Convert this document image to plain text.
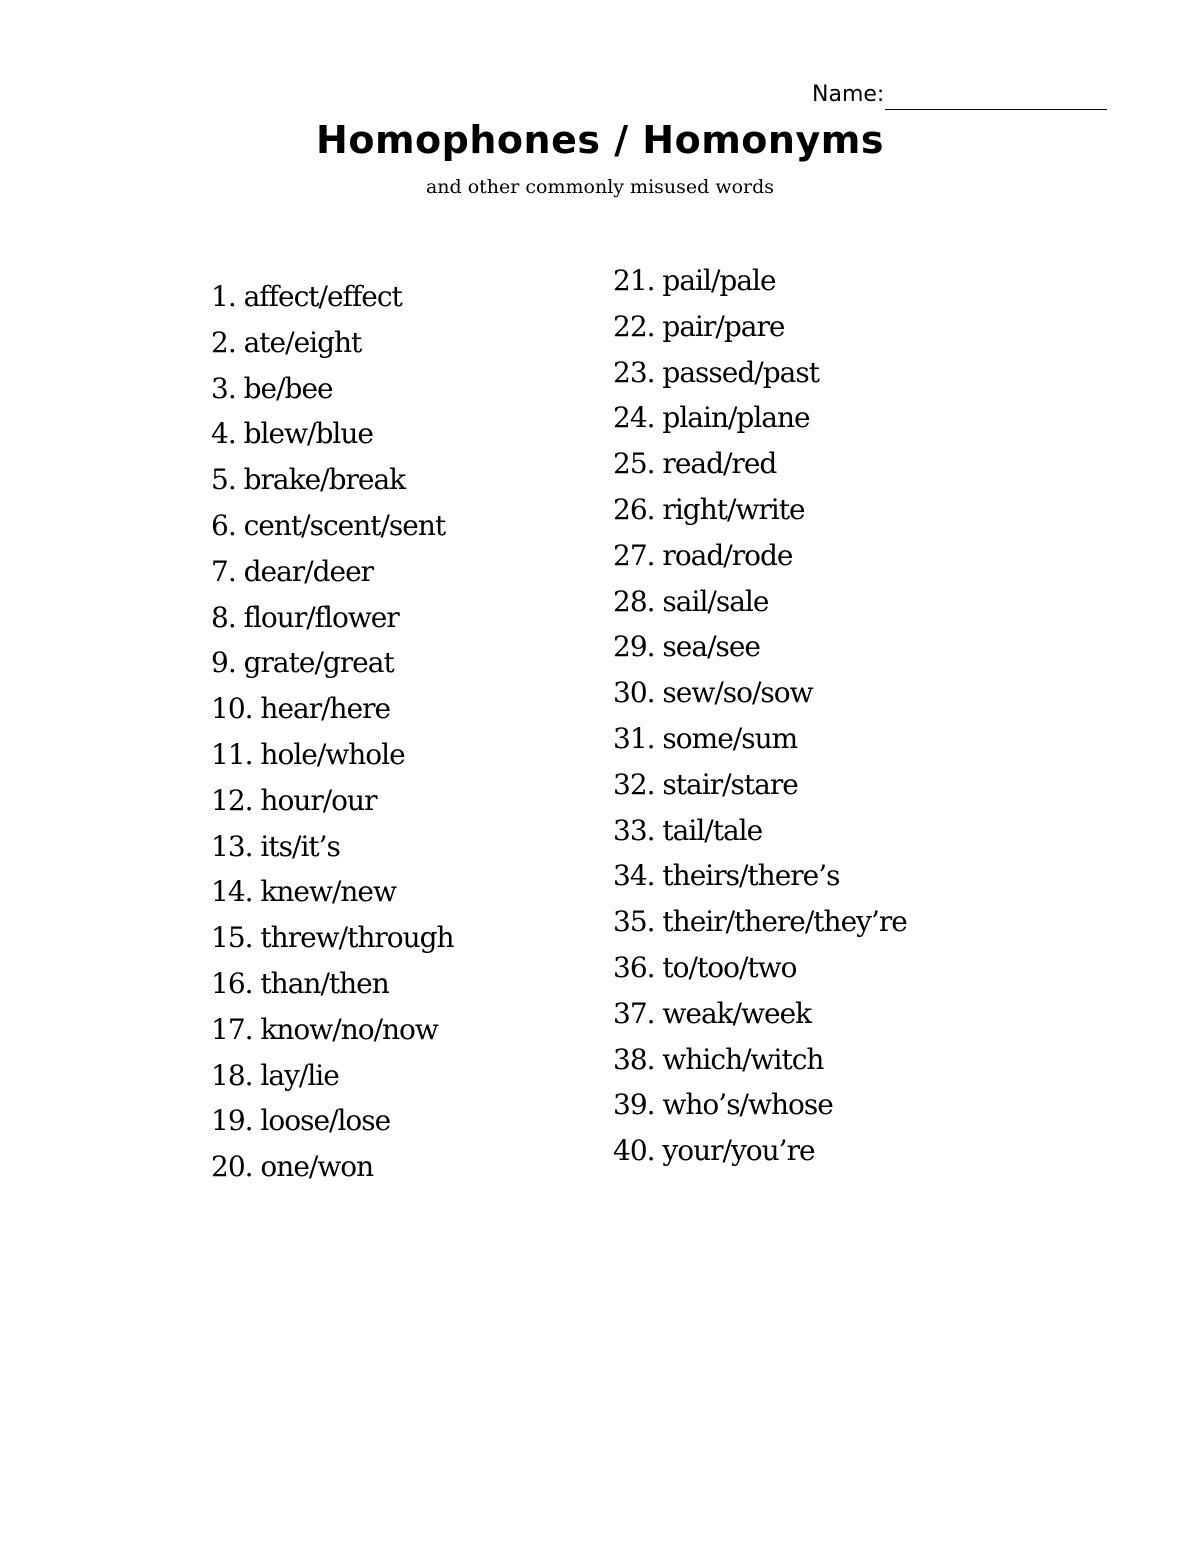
Name:
Homophones / Homonyms

and other commonly misused words

1. affect/effect
2. ate/eight
3. be/bee
4. blew/blue
5. brake/break
6. cent/scent/sent
7. dear/deer
8. flour/flower
9. grate/great
10. hear/here
11. hole/whole
12. hour/our
13. its/it’s
14. knew/new
15. threw/through
16. than/then
17. know/no/now
18. lay/lie
19. loose/lose
20. one/won
21. pail/pale
22. pair/pare
23. passed/past
24. plain/plane
25. read/red
26. right/write
27. road/rode
28. sail/sale
29. sea/see
30. sew/so/sow
31. some/sum
32. stair/stare
33. tail/tale
34. theirs/there’s
35. their/there/they’re
36. to/too/two
37. weak/week
38. which/witch
39. who’s/whose
40. your/you’re
